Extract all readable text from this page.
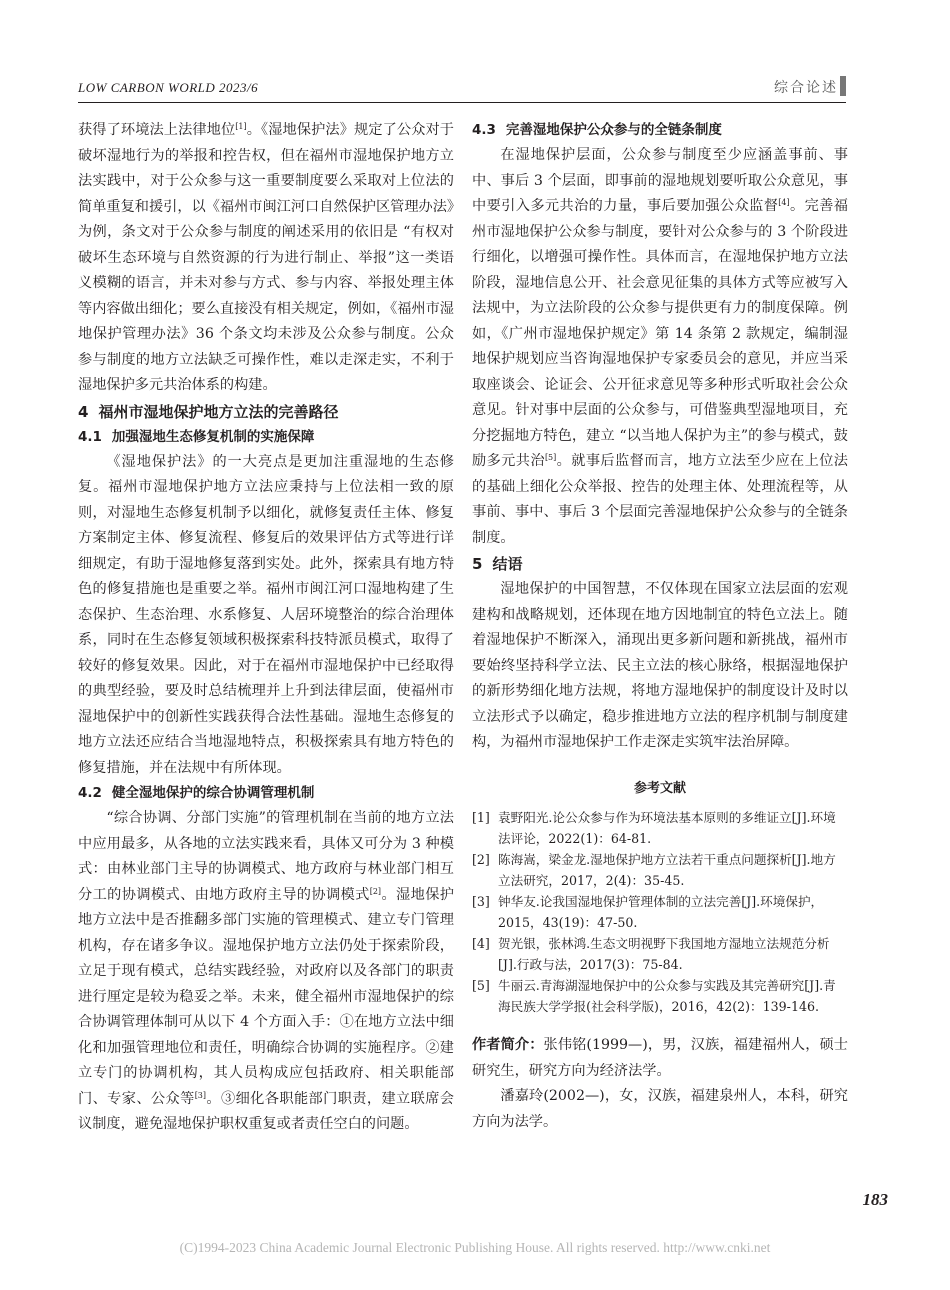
LOW CARBON WORLD 2023/6	综合论述

获得了环境法上法律地位[1]。《湿地保护法》规定了公众对于破坏湿地行为的举报和控告权，但在福州市湿地保护地方立法实践中，对于公众参与这一重要制度要么采取对上位法的简单重复和援引，以《福州市闽江河口自然保护区管理办法》为例，条文对于公众参与制度的阐述采用的依旧是 “有权对破坏生态环境与自然资源的行为进行制止、举报”这一类语义模糊的语言，并未对参与方式、参与内容、举报处理主体等内容做出细化；要么直接没有相关规定，例如，《福州市湿地保护管理办法》36 个条文均未涉及公众参与制度。公众参与制度的地方立法缺乏可操作性，难以走深走实，不利于湿地保护多元共治体系的构建。

4 福州市湿地保护地方立法的完善路径
4.1 加强湿地生态修复机制的实施保障

《湿地保护法》的一大亮点是更加注重湿地的生态修复。福州市湿地保护地方立法应秉持与上位法相一致的原则，对湿地生态修复机制予以细化，就修复责任主体、修复方案制定主体、修复流程、修复后的效果评估方式等进行详细规定，有助于湿地修复落到实处。此外，探索具有地方特色的修复措施也是重要之举。福州市闽江河口湿地构建了生态保护、生态治理、水系修复、人居环境整治的综合治理体系，同时在生态修复领域积极探索科技特派员模式，取得了较好的修复效果。因此，对于在福州市湿地保护中已经取得的典型经验，要及时总结梳理并上升到法律层面，使福州市湿地保护中的创新性实践获得合法性基础。湿地生态修复的地方立法还应结合当地湿地特点，积极探索具有地方特色的修复措施，并在法规中有所体现。

4.2 健全湿地保护的综合协调管理机制

“综合协调、分部门实施”的管理机制在当前的地方立法中应用最多，从各地的立法实践来看，具体又可分为 3 种模式：由林业部门主导的协调模式、地方政府与林业部门相互分工的协调模式、由地方政府主导的协调模式[2]。湿地保护地方立法中是否推翻多部门实施的管理模式、建立专门管理机构，存在诸多争议。湿地保护地方立法仍处于探索阶段，立足于现有模式，总结实践经验，对政府以及各部门的职责进行厘定是较为稳妥之举。未来，健全福州市湿地保护的综合协调管理体制可从以下 4 个方面入手：①在地方立法中细化和加强管理地位和责任，明确综合协调的实施程序。②建立专门的协调机构，其人员构成应包括政府、相关职能部门、专家、公众等[3]。③细化各职能部门职责，建立联席会议制度，避免湿地保护职权重复或者责任空白的问题。

4.3 完善湿地保护公众参与的全链条制度

在湿地保护层面，公众参与制度至少应涵盖事前、事中、事后 3 个层面，即事前的湿地规划要听取公众意见，事中要引入多元共治的力量，事后要加强公众监督[4]。完善福州市湿地保护公众参与制度，要针对公众参与的 3 个阶段进行细化，以增强可操作性。具体而言，在湿地保护地方立法阶段，湿地信息公开、社会意见征集的具体方式等应被写入法规中，为立法阶段的公众参与提供更有力的制度保障。例如，《广州市湿地保护规定》第 14 条第 2 款规定，编制湿地保护规划应当咨询湿地保护专家委员会的意见，并应当采取座谈会、论证会、公开征求意见等多种形式听取社会公众意见。针对事中层面的公众参与，可借鉴典型湿地项目，充分挖掘地方特色，建立 “以当地人保护为主”的参与模式，鼓励多元共治[5]。就事后监督而言，地方立法至少应在上位法的基础上细化公众举报、控告的处理主体、处理流程等，从事前、事中、事后 3 个层面完善湿地保护公众参与的全链条制度。

5 结语

湿地保护的中国智慧，不仅体现在国家立法层面的宏观建构和战略规划，还体现在地方因地制宜的特色立法上。随着湿地保护不断深入，涌现出更多新问题和新挑战，福州市要始终坚持科学立法、民主立法的核心脉络，根据湿地保护的新形势细化地方法规，将地方湿地保护的制度设计及时以立法形式予以确定，稳步推进地方立法的程序机制与制度建构，为福州市湿地保护工作走深走实筑牢法治屏障。

参考文献

[1] 袁野阳光.论公众参与作为环境法基本原则的多维证立[J].环境法评论，2022(1)：64-81.

[2] 陈海嵩，梁金龙.湿地保护地方立法若干重点问题探析[J].地方立法研究，2017，2(4)：35-45.

[3] 钟华友.论我国湿地保护管理体制的立法完善[J].环境保护，2015，43(19)：47-50.

[4] 贺光银，张林鸿.生态文明视野下我国地方湿地立法规范分析[J].行政与法，2017(3)：75-84.

[5] 牛丽云.青海湖湿地保护中的公众参与实践及其完善研究[J].青海民族大学学报(社会科学版)，2016，42(2)：139-146.

作者简介：张伟铭(1999—)，男，汉族，福建福州人，硕士研究生，研究方向为经济法学。

潘嘉玲(2002—)，女，汉族，福建泉州人，本科，研究方向为法学。

183
(C)1994-2023 China Academic Journal Electronic Publishing House. All rights reserved. http://www.cnki.net
